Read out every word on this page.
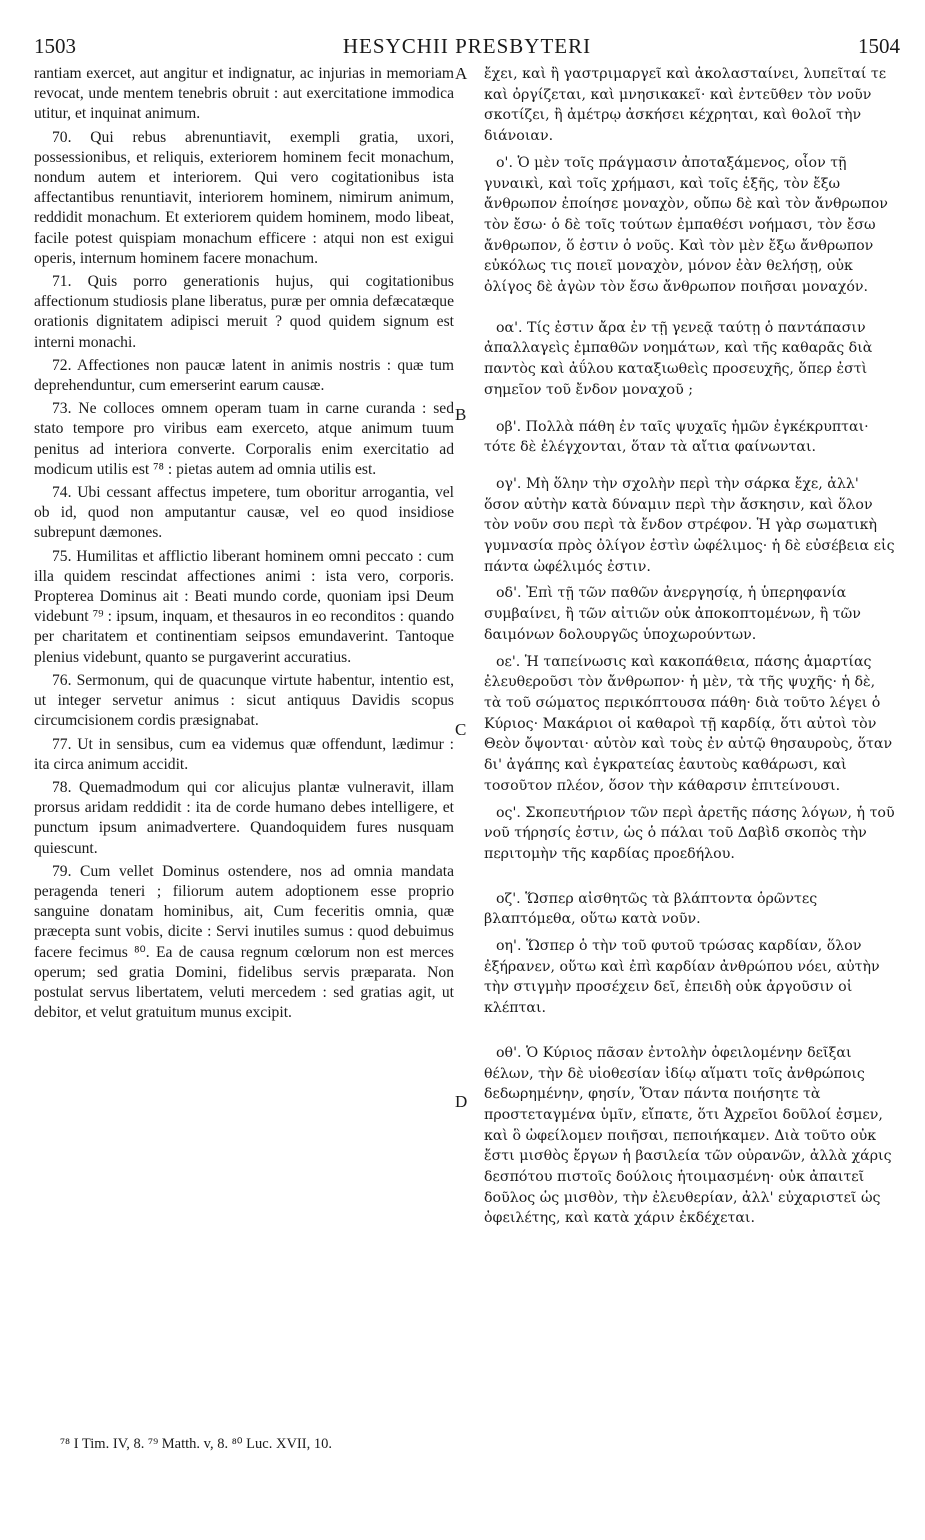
1503	HESYCHII PRESBYTERI	1504

rantiam exercet, aut angitur et indignatur, ac injurias in memoriam revocat, unde mentem tenebris obruit : aut exercitatione immodica utitur, et inquinat animum.

70. Qui rebus abrenuntiavit, exempli gratia, uxori, possessionibus, et reliquis, exteriorem hominem fecit monachum, nondum autem et interiorem. Qui vero cogitationibus ista affectantibus renuntiavit, interiorem hominem, nimirum animum, reddidit monachum. Et exteriorem quidem hominem, modo libeat, facile potest quispiam monachum efficere : atqui non est exigui operis, internum hominem facere monachum.

71. Quis porro generationis hujus, qui cogitationibus affectionum studiosis plane liberatus, puræ per omnia defæcatæque orationis dignitatem adipisci meruit ? quod quidem signum est interni monachi.

72. Affectiones non paucæ latent in animis nostris : quæ tum deprehenduntur, cum emerserint earum causæ.

73. Ne colloces omnem operam tuam in carne curanda : sed stato tempore pro viribus eam exerceto, atque animum tuum penitus ad interiora converte. Corporalis enim exercitatio ad modicum utilis est ⁷⁸ : pietas autem ad omnia utilis est.

74. Ubi cessant affectus impetere, tum oboritur arrogantia, vel ob id, quod non amputantur causæ, vel eo quod insidiose subrepunt dæmones.

75. Humilitas et afflictio liberant hominem omni peccato : cum illa quidem rescindat affectiones animi : ista vero, corporis. Propterea Dominus ait : Beati mundo corde, quoniam ipsi Deum videbunt ⁷⁹ : ipsum, inquam, et thesauros in eo reconditos : quando per charitatem et continentiam seipsos emundaverint. Tantoque plenius videbunt, quanto se purgaverint accuratius.

76. Sermonum, qui de quacunque virtute habentur, intentio est, ut integer servetur animus : sicut antiquus Davidis scopus circumcisionem cordis præsignabat.

77. Ut in sensibus, cum ea videmus quæ offendunt, lædimur : ita circa animum accidit.

78. Quemadmodum qui cor alicujus plantæ vulneravit, illam prorsus aridam reddidit : ita de corde humano debes intelligere, et punctum ipsum animadvertere. Quandoquidem fures nusquam quiescunt.

79. Cum vellet Dominus ostendere, nos ad omnia mandata peragenda teneri ; filiorum autem adoptionem esse proprio sanguine donatam hominibus, ait, Cum feceritis omnia, quæ præcepta sunt vobis, dicite : Servi inutiles sumus : quod debuimus facere fecimus ⁸⁰. Ea de causa regnum cœlorum non est merces operum; sed gratia Domini, fidelibus servis præparata. Non postulat servus libertatem, veluti mercedem : sed gratias agit, ut debitor, et velut gratuitum munus excipit.

A
B
C
D

ἔχει, καὶ ἢ γαστριμαργεῖ καὶ ἀκολασταίνει, λυπεῖταί τε καὶ ὀργίζεται, καὶ μνησικακεῖ· καὶ ἐντεῦθεν τὸν νοῦν σκοτίζει, ἢ ἀμέτρῳ ἀσκήσει κέχρηται, καὶ θολοῖ τὴν διάνοιαν.

ο'. Ὁ μὲν τοῖς πράγμασιν ἀποταξάμενος, οἷον τῇ γυναικὶ, καὶ τοῖς χρήμασι, καὶ τοῖς ἑξῆς, τὸν ἔξω ἄνθρωπον ἐποίησε μοναχὸν, οὔπω δὲ καὶ τὸν ἄνθρωπον τὸν ἔσω· ὁ δὲ τοῖς τούτων ἐμπαθέσι νοήμασι, τὸν ἔσω ἄνθρωπον, ὅ ἐστιν ὁ νοῦς. Καὶ τὸν μὲν ἔξω ἄνθρωπον εὐκόλως τις ποιεῖ μοναχὸν, μόνον ἐὰν θελήσῃ, οὐκ ὀλίγος δὲ ἀγὼν τὸν ἔσω ἄνθρωπον ποιῆσαι μοναχόν.

οα'. Τίς ἐστιν ἄρα ἐν τῇ γενεᾷ ταύτῃ ὁ παντάπασιν ἀπαλλαγεὶς ἐμπαθῶν νοημάτων, καὶ τῆς καθαρᾶς διὰ παντὸς καὶ ἀΰλου καταξιωθεὶς προσευχῆς, ὅπερ ἐστὶ σημεῖον τοῦ ἔνδον μοναχοῦ ;

οβ'. Πολλὰ πάθη ἐν ταῖς ψυχαῖς ἡμῶν ἐγκέκρυπται· τότε δὲ ἐλέγχονται, ὅταν τὰ αἴτια φαίνωνται.

ογ'. Μὴ ὅλην τὴν σχολὴν περὶ τὴν σάρκα ἔχε, ἀλλ' ὅσον αὐτὴν κατὰ δύναμιν περὶ τὴν ἄσκησιν, καὶ ὅλον τὸν νοῦν σου περὶ τὰ ἔνδον στρέφον. Ἡ γὰρ σωματικὴ γυμνασία πρὸς ὀλίγον ἐστὶν ὠφέλιμος· ἡ δὲ εὐσέβεια εἰς πάντα ὠφέλιμός ἐστιν.

οδ'. Ἐπὶ τῇ τῶν παθῶν ἀνεργησίᾳ, ἡ ὑπερηφανία συμβαίνει, ἢ τῶν αἰτιῶν οὐκ ἀποκοπτομένων, ἢ τῶν δαιμόνων δολουργῶς ὑποχωρούντων.

οε'. Ἡ ταπείνωσις καὶ κακοπάθεια, πάσης ἁμαρτίας ἐλευθεροῦσι τὸν ἄνθρωπον· ἡ μὲν, τὰ τῆς ψυχῆς· ἡ δὲ, τὰ τοῦ σώματος περικόπτουσα πάθη· διὰ τοῦτο λέγει ὁ Κύριος· Μακάριοι οἱ καθαροὶ τῇ καρδίᾳ, ὅτι αὐτοὶ τὸν Θεὸν ὄψονται· αὐτὸν καὶ τοὺς ἐν αὐτῷ θησαυροὺς, ὅταν δι' ἀγάπης καὶ ἐγκρατείας ἑαυτοὺς καθάρωσι, καὶ τοσοῦτον πλέον, ὅσον τὴν κάθαρσιν ἐπιτείνουσι.

ος'. Σκοπευτήριον τῶν περὶ ἀρετῆς πάσης λόγων, ἡ τοῦ νοῦ τήρησίς ἐστιν, ὡς ὁ πάλαι τοῦ Δαβὶδ σκοπὸς τὴν περιτομὴν τῆς καρδίας προεδήλου.

οζ'. Ὥσπερ αἰσθητῶς τὰ βλάπτοντα ὁρῶντες βλαπτόμεθα, οὕτω κατὰ νοῦν.

οη'. Ὥσπερ ὁ τὴν τοῦ φυτοῦ τρώσας καρδίαν, ὅλον ἐξήρανεν, οὕτω καὶ ἐπὶ καρδίαν ἀνθρώπου νόει, αὐτὴν τὴν στιγμὴν προσέχειν δεῖ, ἐπειδὴ οὐκ ἀργοῦσιν οἱ κλέπται.

οθ'. Ὁ Κύριος πᾶσαν ἐντολὴν ὀφειλομένην δεῖξαι θέλων, τὴν δὲ υἱοθεσίαν ἰδίῳ αἵματι τοῖς ἀνθρώποις δεδωρημένην, φησίν, Ὅταν πάντα ποιήσητε τὰ προστεταγμένα ὑμῖν, εἴπατε, ὅτι Ἀχρεῖοι δοῦλοί ἐσμεν, καὶ ὃ ὠφείλομεν ποιῆσαι, πεποιήκαμεν. Διὰ τοῦτο οὐκ ἔστι μισθὸς ἔργων ἡ βασιλεία τῶν οὐρανῶν, ἀλλὰ χάρις δεσπότου πιστοῖς δούλοις ἡτοιμασμένη· οὐκ ἀπαιτεῖ δοῦλος ὡς μισθὸν, τὴν ἐλευθερίαν, ἀλλ' εὐχαριστεῖ ὡς ὀφειλέτης, καὶ κατὰ χάριν ἐκδέχεται.

⁷⁸ I Tim. IV, 8. ⁷⁹ Matth. v, 8. ⁸⁰ Luc. XVII, 10.
